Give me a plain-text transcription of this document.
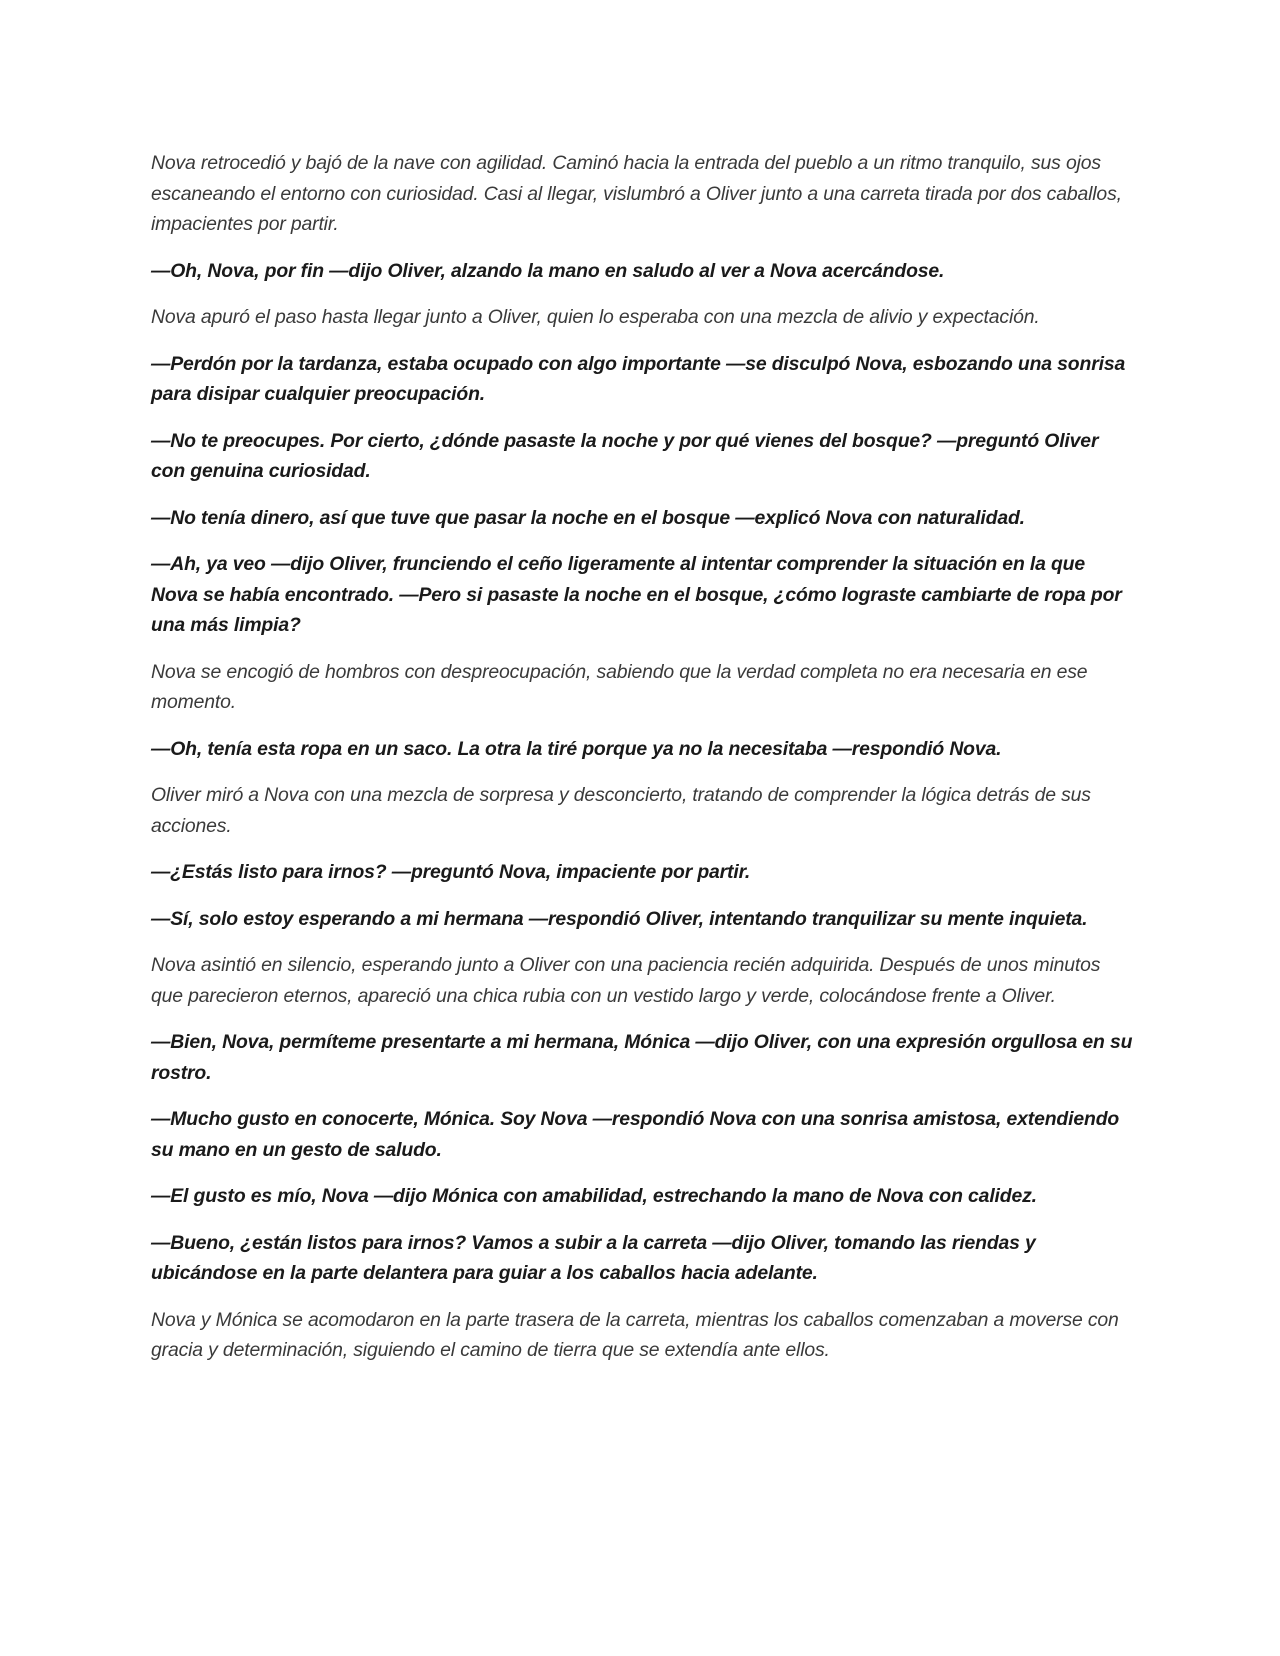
Nova retrocedió y bajó de la nave con agilidad. Caminó hacia la entrada del pueblo a un ritmo tranquilo, sus ojos escaneando el entorno con curiosidad. Casi al llegar, vislumbró a Oliver junto a una carreta tirada por dos caballos, impacientes por partir.

—Oh, Nova, por fin —dijo Oliver, alzando la mano en saludo al ver a Nova acercándose.

Nova apuró el paso hasta llegar junto a Oliver, quien lo esperaba con una mezcla de alivio y expectación.

—Perdón por la tardanza, estaba ocupado con algo importante —se disculpó Nova, esbozando una sonrisa para disipar cualquier preocupación.

—No te preocupes. Por cierto, ¿dónde pasaste la noche y por qué vienes del bosque? —preguntó Oliver con genuina curiosidad.

—No tenía dinero, así que tuve que pasar la noche en el bosque —explicó Nova con naturalidad.

—Ah, ya veo —dijo Oliver, frunciendo el ceño ligeramente al intentar comprender la situación en la que Nova se había encontrado. —Pero si pasaste la noche en el bosque, ¿cómo lograste cambiarte de ropa por una más limpia?

Nova se encogió de hombros con despreocupación, sabiendo que la verdad completa no era necesaria en ese momento.

—Oh, tenía esta ropa en un saco. La otra la tiré porque ya no la necesitaba —respondió Nova.

Oliver miró a Nova con una mezcla de sorpresa y desconcierto, tratando de comprender la lógica detrás de sus acciones.

—¿Estás listo para irnos? —preguntó Nova, impaciente por partir.

—Sí, solo estoy esperando a mi hermana —respondió Oliver, intentando tranquilizar su mente inquieta.

Nova asintió en silencio, esperando junto a Oliver con una paciencia recién adquirida. Después de unos minutos que parecieron eternos, apareció una chica rubia con un vestido largo y verde, colocándose frente a Oliver.

—Bien, Nova, permíteme presentarte a mi hermana, Mónica —dijo Oliver, con una expresión orgullosa en su rostro.

—Mucho gusto en conocerte, Mónica. Soy Nova —respondió Nova con una sonrisa amistosa, extendiendo su mano en un gesto de saludo.

—El gusto es mío, Nova —dijo Mónica con amabilidad, estrechando la mano de Nova con calidez.

—Bueno, ¿están listos para irnos? Vamos a subir a la carreta —dijo Oliver, tomando las riendas y ubicándose en la parte delantera para guiar a los caballos hacia adelante.

Nova y Mónica se acomodaron en la parte trasera de la carreta, mientras los caballos comenzaban a moverse con gracia y determinación, siguiendo el camino de tierra que se extendía ante ellos.
